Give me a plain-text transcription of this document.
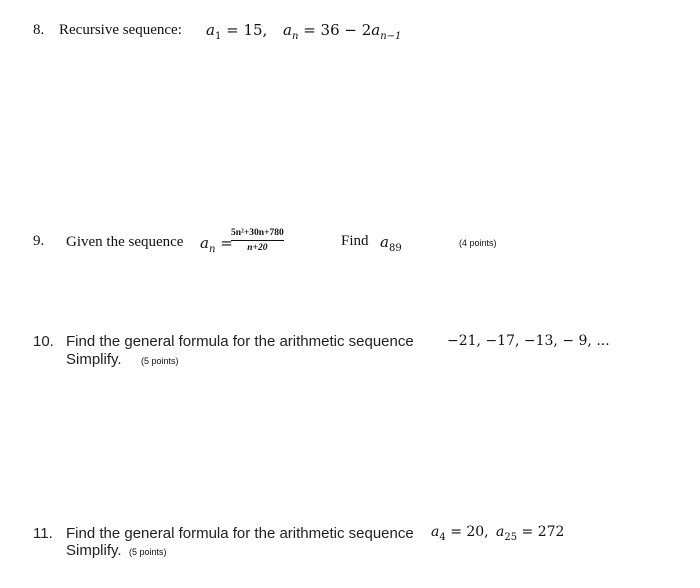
8. Recursive sequence: $a_1 = 15$, $a_n = 36 - 2a_{n-1}$
9. Given the sequence $a_n$ =
$\frac{\text{5n²+30n+780}}{n+20}$	Find $a_{89}$	(4 points)
10. Find the general formula for the arithmetic sequence −21, −17, −13, − 9, ...
Simplify. (5 points)
11. Find the general formula for the arithmetic sequence $a_4 = 20$, $a_{25} = 272$
Simplify. (5 points)
